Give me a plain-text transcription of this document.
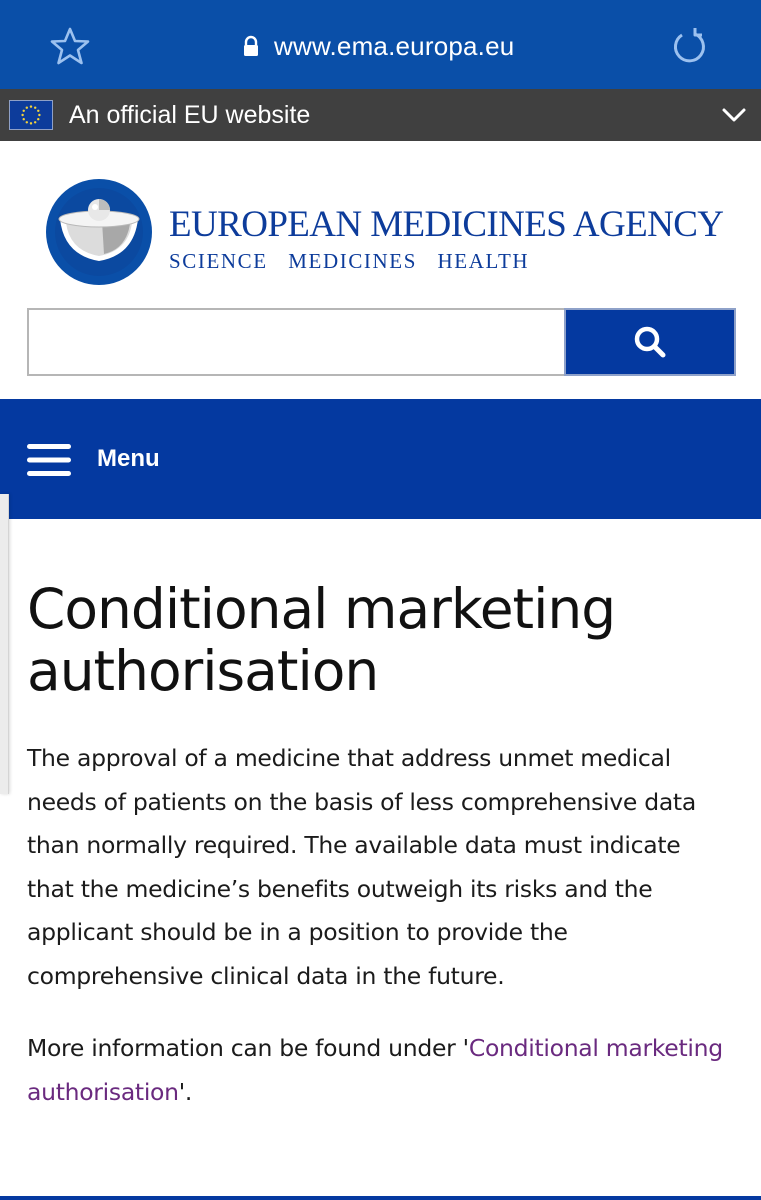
www.ema.europa.eu
An official EU website
EUROPEAN MEDICINES AGENCY
SCIENCE   MEDICINES   HEALTH
Menu
Conditional marketing authorisation

The approval of a medicine that address unmet medical needs of patients on the basis of less comprehensive data than normally required. The available data must indicate that the medicine’s benefits outweigh its risks and the applicant should be in a position to provide the comprehensive clinical data in the future.

More information can be found under 'Conditional marketing authorisation'.
